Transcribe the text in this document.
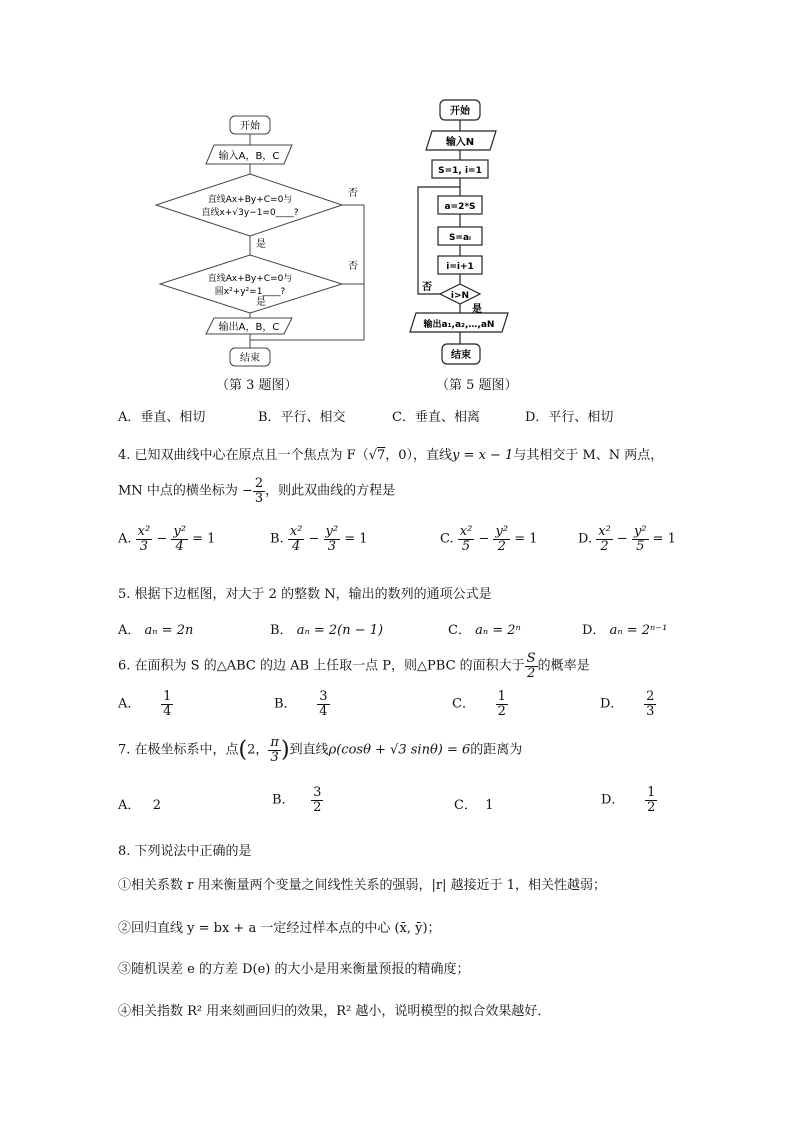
开始
输入A，B，C
直线Ax+By+C=0与
直线x+√3y−1=0____?
否
是
直线Ax+By+C=0与
圆x²+y²=1____?
否
是
输出A，B，C
结束
（第 3 题图）
开始
输入N
S=1, i=1
a=2*S
S=aᵢ
i=i+1
i>N
否
是
输出a₁,a₂,…,aN
结束
（第 5 题图）
A．垂直、相切	B．平行、相交	C．垂直、相离	D．平行、相切
4. 已知双曲线中心在原点且一个焦点为 F（√7，0），直线y = x − 1与其相交于 M、N 两点，
MN 中点的横坐标为 − $\frac{2}{3}$ ，则此双曲线的方程是
A. $\frac{\text{x²}}{3} - \frac{\text{y²}}{4} = 1$	B. $\frac{\text{x²}}{4} - \frac{\text{y²}}{3} = 1$	C. $\frac{\text{x²}}{5} - \frac{\text{y²}}{2} = 1$	D. $\frac{\text{x²}}{2} - \frac{\text{y²}}{5} = 1$
5. 根据下边框图，对大于 2 的整数 N，输出的数列的通项公式是
A． aₙ = 2n	B． aₙ = 2(n − 1)	C． aₙ = 2ⁿ	D． aₙ = 2ⁿ⁻¹
6. 在面积为 S 的△ABC 的边 AB 上任取一点 P，则△PBC 的面积大于 $\frac{S}{2}$ 的概率是
A． $\frac{1}{4}$	B． $\frac{3}{4}$	C． $\frac{1}{2}$	D． $\frac{2}{3}$
7. 在极坐标系中，点(2， $\frac{\pi}{3}$ )到直线ρ(cosθ + √3 sinθ) = 6的距离为
A． 2	B． $\frac{3}{2}$	C． 1	D． $\frac{1}{2}$
8. 下列说法中正确的是
①相关系数 r 用来衡量两个变量之间线性关系的强弱，|r| 越接近于 1，相关性越弱；
②回归直线 y = bx + a 一定经过样本点的中心 (x̄, ȳ)；
③随机误差 e 的方差 D(e) 的大小是用来衡量预报的精确度；
④相关指数 R² 用来刻画回归的效果，R² 越小，说明模型的拟合效果越好．
